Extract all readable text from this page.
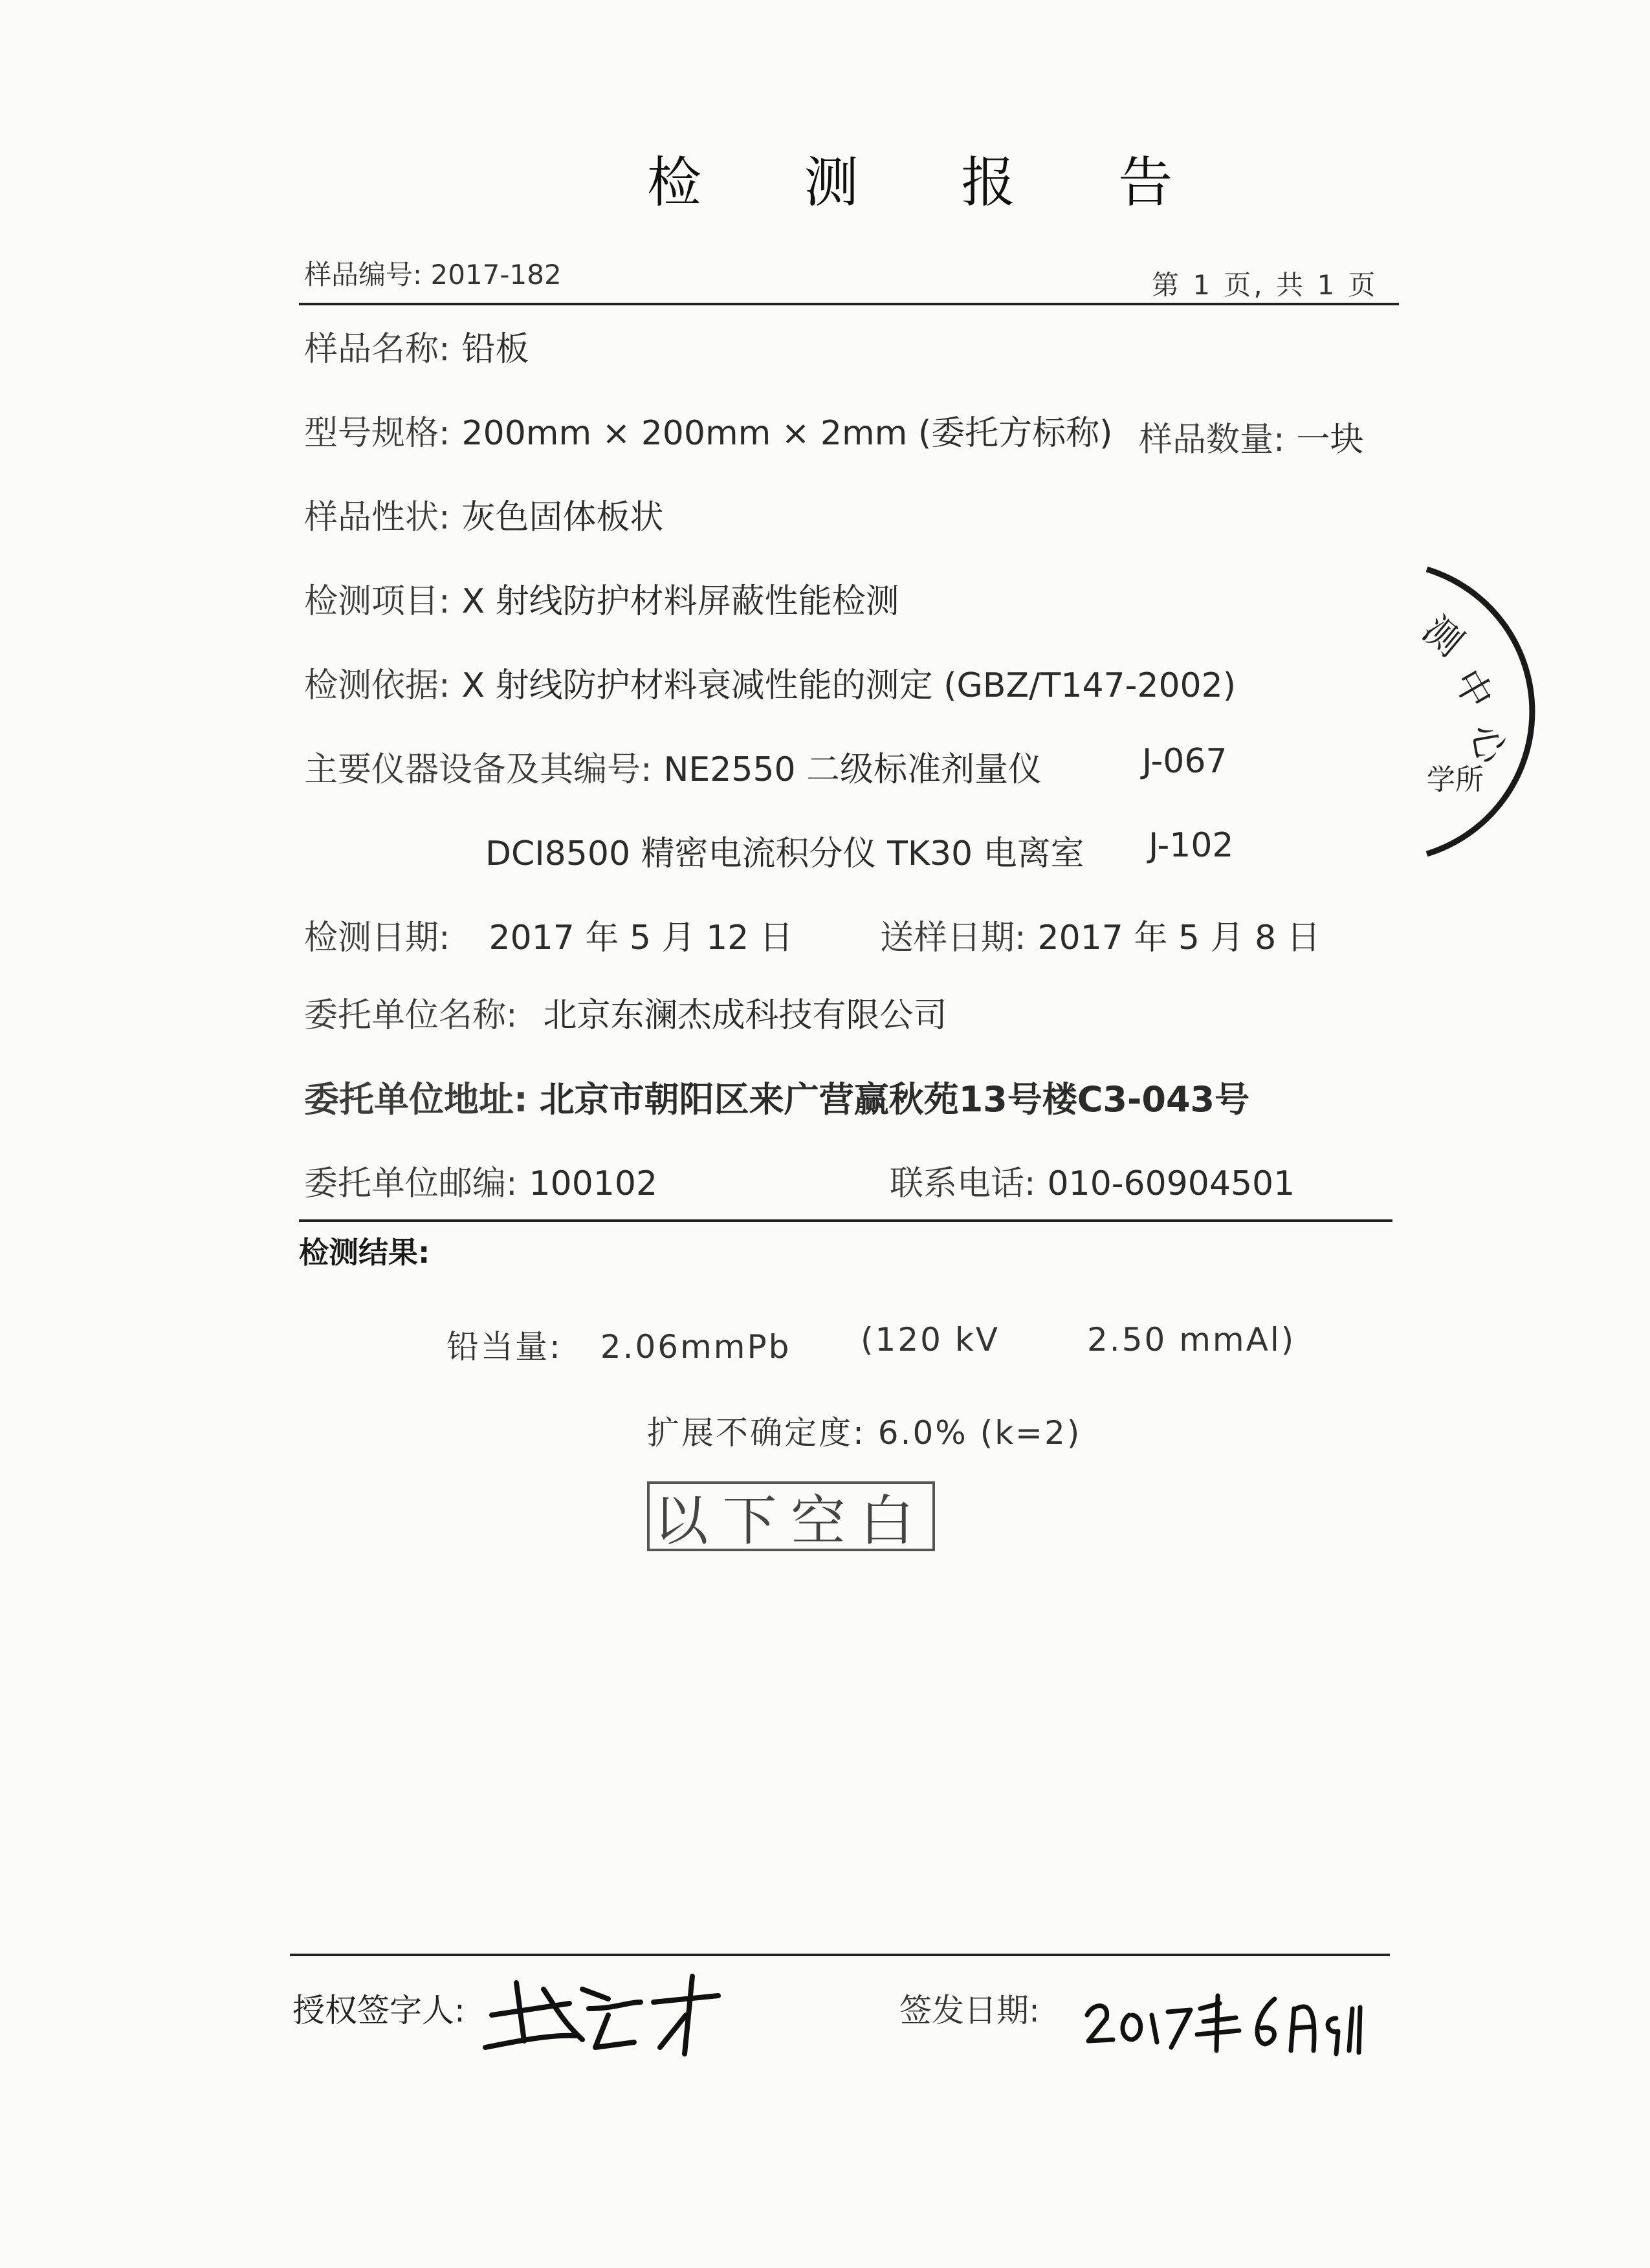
检 测 报 告
样品编号: 2017-182	第 1 页, 共 1 页
样品名称: 铅板
型号规格: 200mm × 200mm × 2mm (委托方标称) 样品数量: 一块
样品性状: 灰色固体板状
检测项目: X 射线防护材料屏蔽性能检测
检测依据: X 射线防护材料衰减性能的测定 (GBZ/T147-2002)
主要仪器设备及其编号: NE2550 二级标准剂量仪	J-067
DCI8500 精密电流积分仪 TK30 电离室 J-102
检测日期: 2017 年 5 月 12 日	送样日期: 2017 年 5 月 8 日
委托单位名称: 北京东澜杰成科技有限公司
委托单位地址: 北京市朝阳区来广营赢秋苑13号楼C3-043号
委托单位邮编: 100102	联系电话: 010-60904501
检测结果:
铅当量: 2.06mmPb (120 kV	2.50 mmAl)
扩展不确定度: 6.0% (k=2)
以下空白
测
中
心
学所
授权签字人:	签发日期:
